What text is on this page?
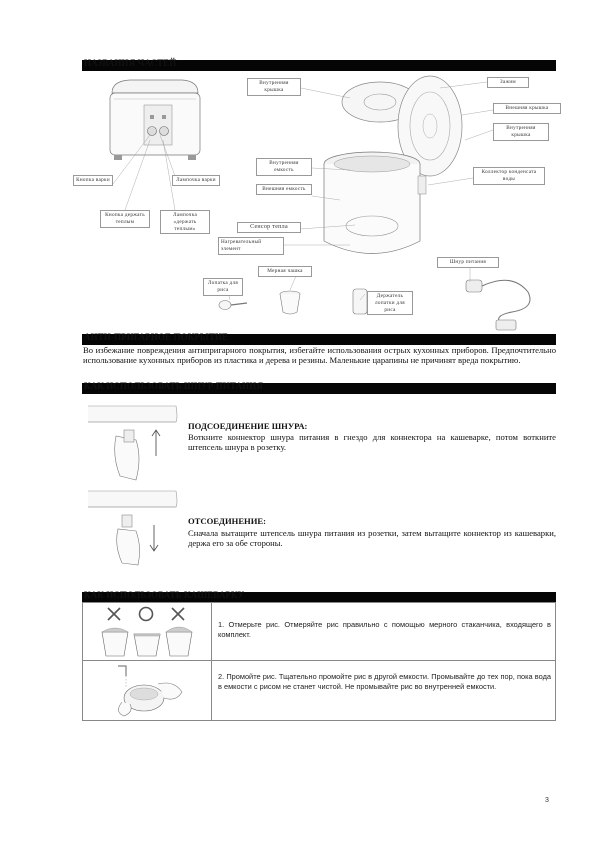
НАЗВАНИЯ ЧАСТЕЙ
Внутренняя крышка
Зажим
Внешняя крышка
Внутренняя крышка
Внутренняя емкость
Внешняя емкость
Коллектор конденсата воды
Кнопка варки	Лампочка варки
Кнопка держать теплым
Лампочка «держать теплым»	Сенсор тепла
Нагревательный элемент
Шнур питания
Мерная чашка
Лопатка для риса
Держатель лопатки для риса
АНТИ-ПРИГАРНОЕ ПОКРЫТИЕ
Во избежание повреждения антипригарного покрытия, избегайте использования острых кухонных приборов. Предпочтительно использование кухонных приборов из пластика и дерева и резины. Маленькие царапины не причинят вреда покрытию.
КАК ИСПОЛЬЗОВАТЬ ШНУР ПИТАНИЯ
ПОДСОЕДИНЕНИЕ ШНУРА:
Воткните коннектор шнура питания в гнездо для коннектора на кашеварке, потом воткните штепсель шнура в розетку.
ОТСОЕДИНЕНИЕ:
Сначала вытащите штепсель шнура питания из розетки, затем вытащите коннектор из кашеварки, держа его за обе стороны.
КАК ИСПОЛЬЗОВАТЬ КАШЕВАРКУ
1. Отмерьте рис. Отмеряйте рис правильно с помощью мерного стаканчика, входящего в комплект.
2. Промойте рис. Тщательно промойте рис в другой емкости. Промывайте до тех пор, пока вода в емкости с рисом не станет чистой. Не промывайте рис во внутренней емкости.
3
